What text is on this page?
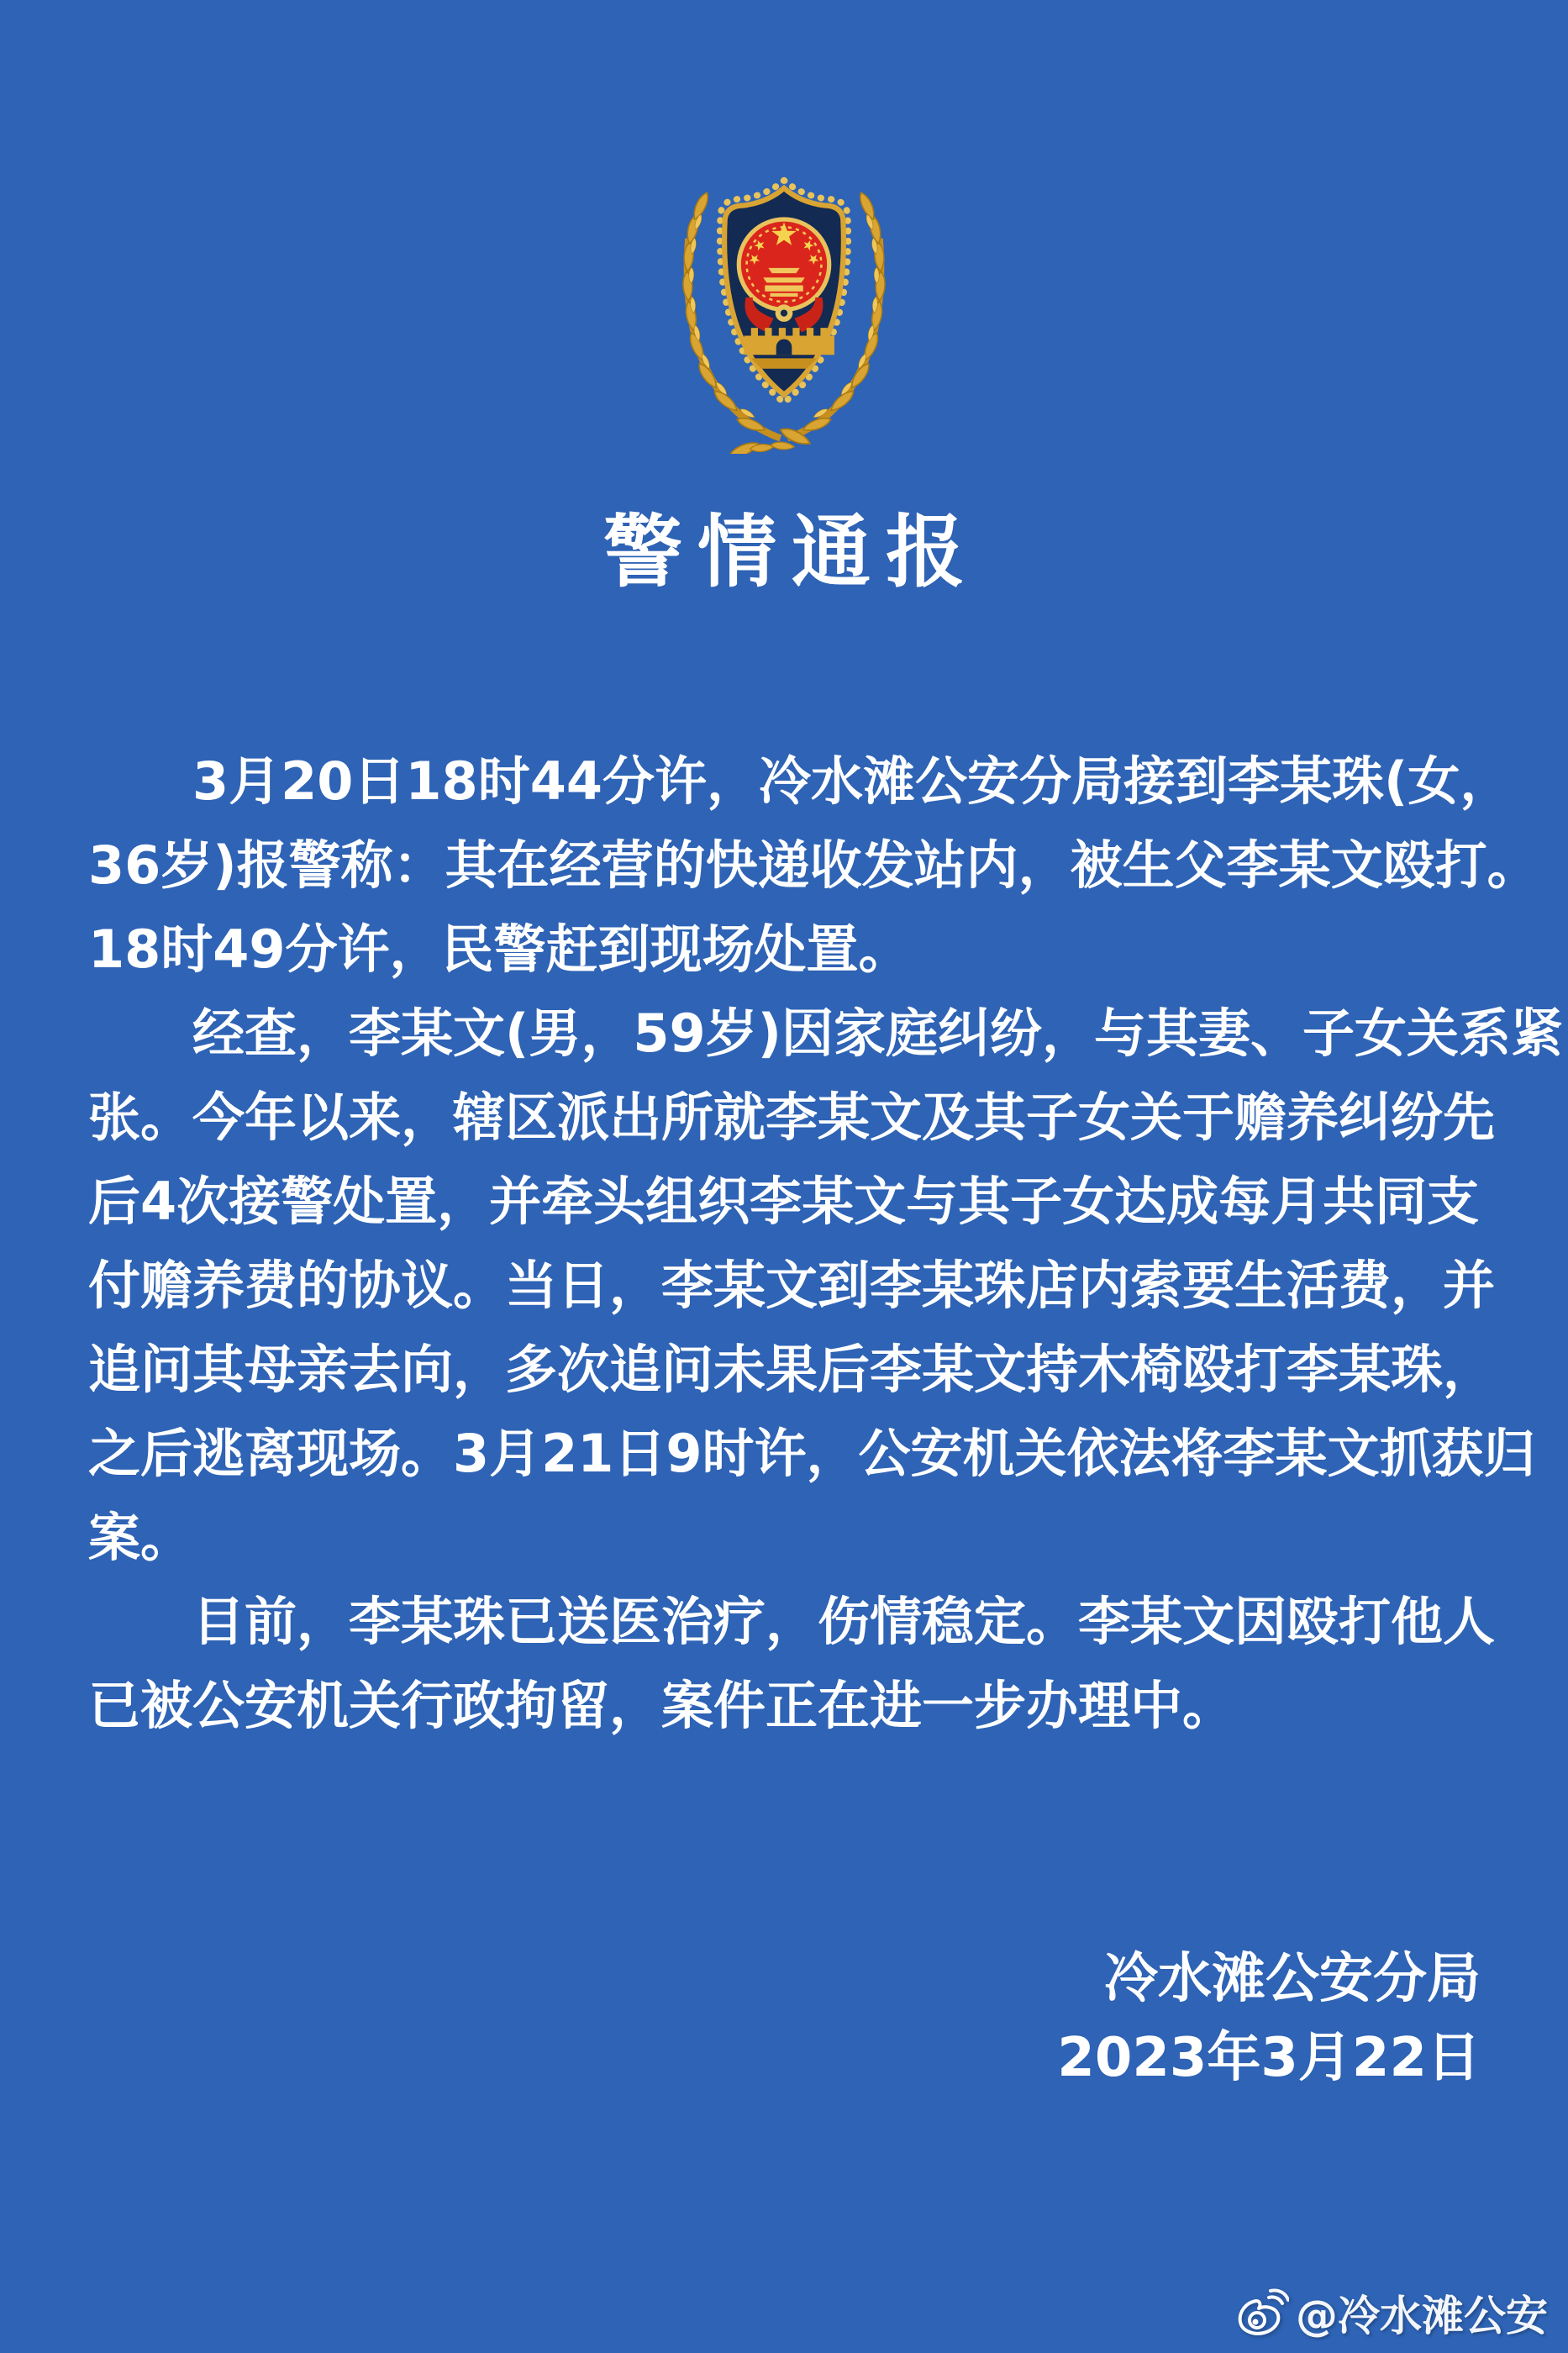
警情通报
3月20日18时44分许，冷水滩公安分局接到李某珠(女，
36岁)报警称：其在经营的快递收发站内，被生父李某文殴打。
18时49分许，民警赶到现场处置。
经查，李某文(男，59岁)因家庭纠纷，与其妻、子女关系紧
张。今年以来，辖区派出所就李某文及其子女关于赡养纠纷先
后4次接警处置，并牵头组织李某文与其子女达成每月共同支
付赡养费的协议。当日，李某文到李某珠店内索要生活费，并
追问其母亲去向，多次追问未果后李某文持木椅殴打李某珠，
之后逃离现场。3月21日9时许，公安机关依法将李某文抓获归
案。
目前，李某珠已送医治疗，伤情稳定。李某文因殴打他人
已被公安机关行政拘留，案件正在进一步办理中。
冷水滩公安分局
2023年3月22日
@冷水滩公安
